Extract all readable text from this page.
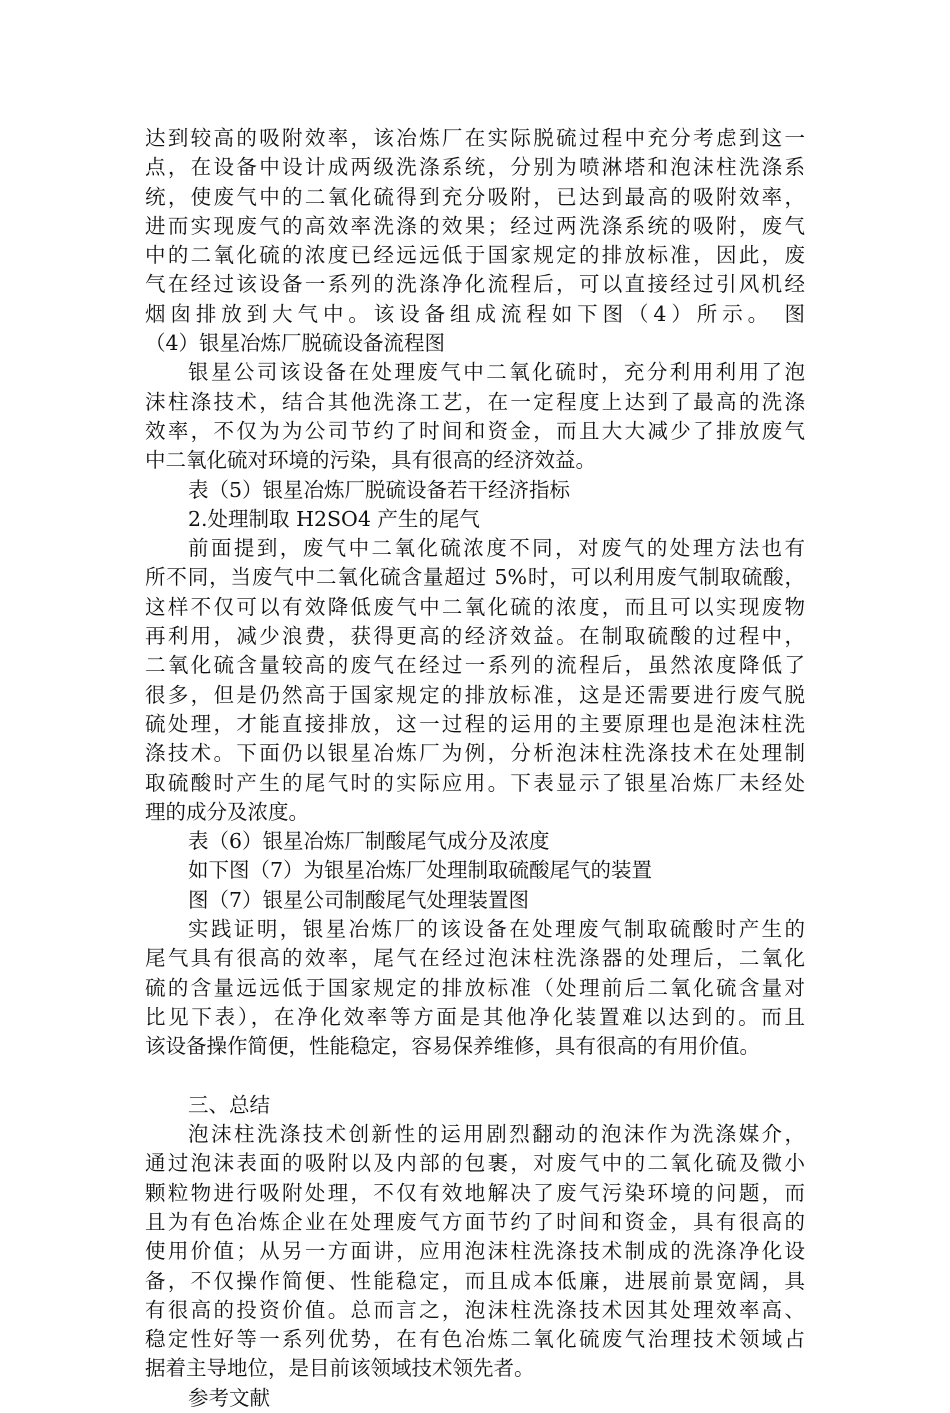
达到较高的吸附效率，该冶炼厂在实际脱硫过程中充分考虑到这一
点，在设备中设计成两级洗涤系统，分别为喷淋塔和泡沫柱洗涤系
统，使废气中的二氧化硫得到充分吸附，已达到最高的吸附效率，
进而实现废气的高效率洗涤的效果；经过两洗涤系统的吸附，废气
中的二氧化硫的浓度已经远远低于国家规定的排放标准，因此，废
气在经过该设备一系列的洗涤净化流程后，可以直接经过引风机经
烟囱排放到大气中。该设备组成流程如下图（4）所示。 图
（4）银星冶炼厂脱硫设备流程图
银星公司该设备在处理废气中二氧化硫时，充分利用利用了泡
沫柱涤技术，结合其他洗涤工艺，在一定程度上达到了最高的洗涤
效率，不仅为为公司节约了时间和资金，而且大大减少了排放废气
中二氧化硫对环境的污染，具有很高的经济效益。
表（5）银星冶炼厂脱硫设备若干经济指标
2.处理制取 H2SO4 产生的尾气
前面提到，废气中二氧化硫浓度不同，对废气的处理方法也有
所不同，当废气中二氧化硫含量超过 5%时，可以利用废气制取硫酸，
这样不仅可以有效降低废气中二氧化硫的浓度，而且可以实现废物
再利用，减少浪费，获得更高的经济效益。在制取硫酸的过程中，
二氧化硫含量较高的废气在经过一系列的流程后，虽然浓度降低了
很多，但是仍然高于国家规定的排放标准，这是还需要进行废气脱
硫处理，才能直接排放，这一过程的运用的主要原理也是泡沫柱洗
涤技术。下面仍以银星冶炼厂为例，分析泡沫柱洗涤技术在处理制
取硫酸时产生的尾气时的实际应用。下表显示了银星冶炼厂未经处
理的成分及浓度。
表（6）银星冶炼厂制酸尾气成分及浓度
如下图（7）为银星冶炼厂处理制取硫酸尾气的装置
图（7）银星公司制酸尾气处理装置图
实践证明，银星冶炼厂的该设备在处理废气制取硫酸时产生的
尾气具有很高的效率，尾气在经过泡沫柱洗涤器的处理后，二氧化
硫的含量远远低于国家规定的排放标准（处理前后二氧化硫含量对
比见下表），在净化效率等方面是其他净化装置难以达到的。而且
该设备操作简便，性能稳定，容易保养维修，具有很高的有用价值。
三、总结
泡沫柱洗涤技术创新性的运用剧烈翻动的泡沫作为洗涤媒介，
通过泡沫表面的吸附以及内部的包裹，对废气中的二氧化硫及微小
颗粒物进行吸附处理，不仅有效地解决了废气污染环境的问题，而
且为有色冶炼企业在处理废气方面节约了时间和资金，具有很高的
使用价值；从另一方面讲，应用泡沫柱洗涤技术制成的洗涤净化设
备，不仅操作简便、性能稳定，而且成本低廉，进展前景宽阔，具
有很高的投资价值。总而言之，泡沫柱洗涤技术因其处理效率高、
稳定性好等一系列优势，在有色冶炼二氧化硫废气治理技术领域占
据着主导地位，是目前该领域技术领先者。
参考文献
